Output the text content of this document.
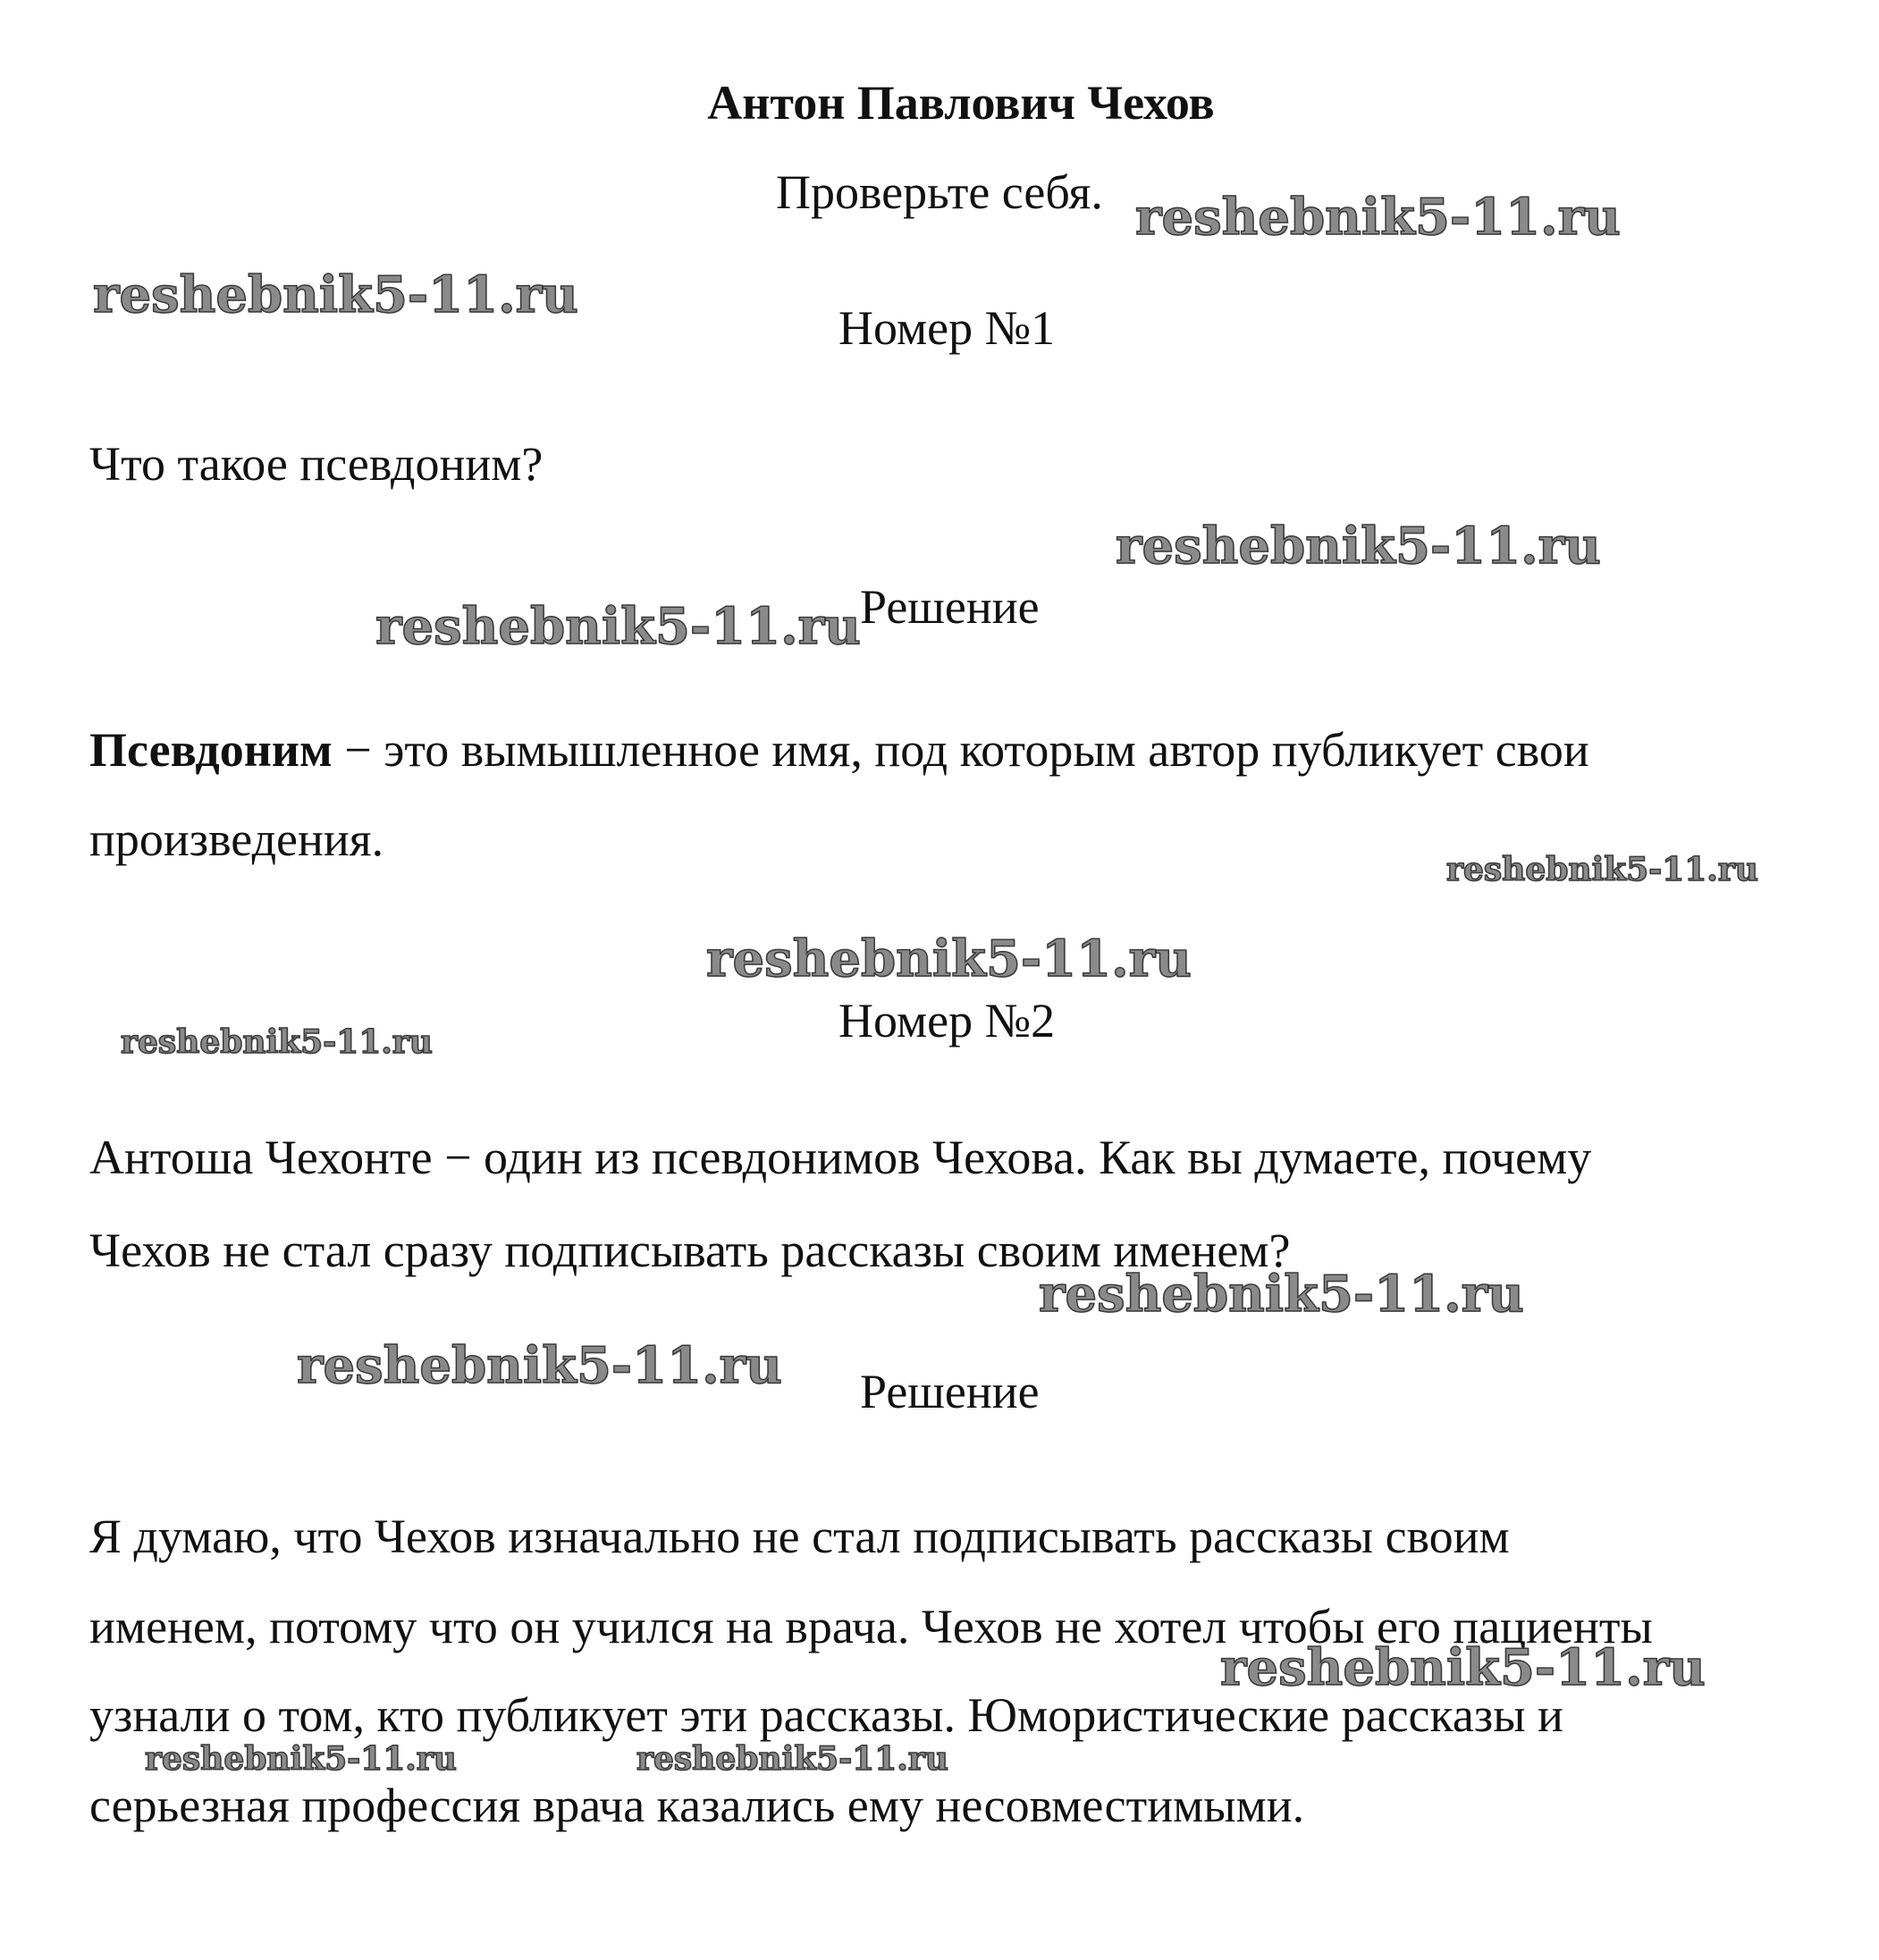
Антон Павлович Чехов
Проверьте себя.
Номер №1
Что такое псевдоним?
Решение
Псевдоним − это вымышленное имя, под которым автор публикует свои
произведения.
Номер №2
Антоша Чехонте − один из псевдонимов Чехова. Как вы думаете, почему
Чехов не стал сразу подписывать рассказы своим именем?
Решение
Я думаю, что Чехов изначально не стал подписывать рассказы своим
именем, потому что он учился на врача. Чехов не хотел чтобы его пациенты
узнали о том, кто публикует эти рассказы. Юмористические рассказы и
серьезная профессия врача казались ему несовместимыми.
reshebnik5-11.ru
reshebnik5-11.ru
reshebnik5-11.ru
reshebnik5-11.ru
reshebnik5-11.ru
reshebnik5-11.ru
reshebnik5-11.ru
reshebnik5-11.ru
reshebnik5-11.ru
reshebnik5-11.ru
reshebnik5-11.ru	reshebnik5-11.ru
